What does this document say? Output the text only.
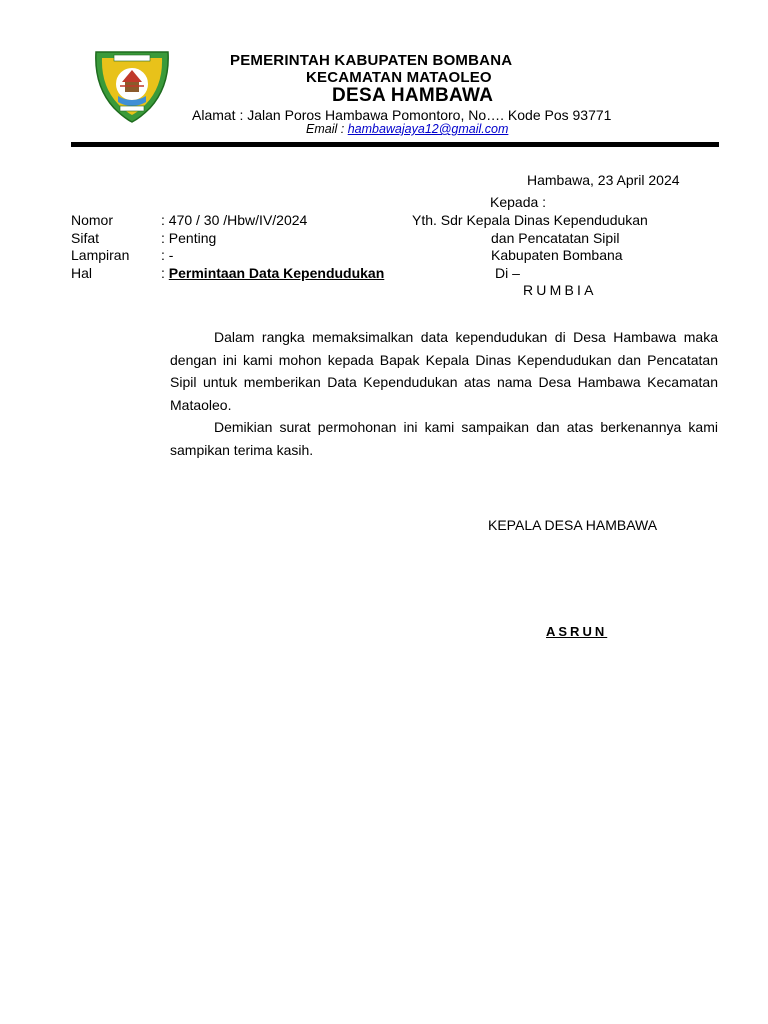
PEMERINTAH KABUPATEN BOMBANA
KECAMATAN MATAOLEO
DESA HAMBAWA
Alamat : Jalan Poros Hambawa Pomontoro, No…. Kode Pos 93771
Email : hambawajaya12@gmail.com
Hambawa, 23 April 2024
Kepada :
Nomor	: 470 / 30 /Hbw/IV/2024
Sifat	: Penting
Lampiran : -
Hal	: Permintaan Data Kependudukan
Yth. Sdr Kepala Dinas Kependudukan
dan Pencatatan Sipil
Kabupaten Bombana
Di –
RUMBIA

Dalam rangka memaksimalkan data kependudukan di Desa Hambawa maka dengan ini kami mohon kepada Bapak Kepala Dinas Kependudukan dan Pencatatan Sipil untuk memberikan Data Kependudukan atas nama Desa Hambawa Kecamatan Mataoleo.

Demikian surat permohonan ini kami sampaikan dan atas berkenannya kami sampikan terima kasih.

KEPALA DESA HAMBAWA
ASRUN
